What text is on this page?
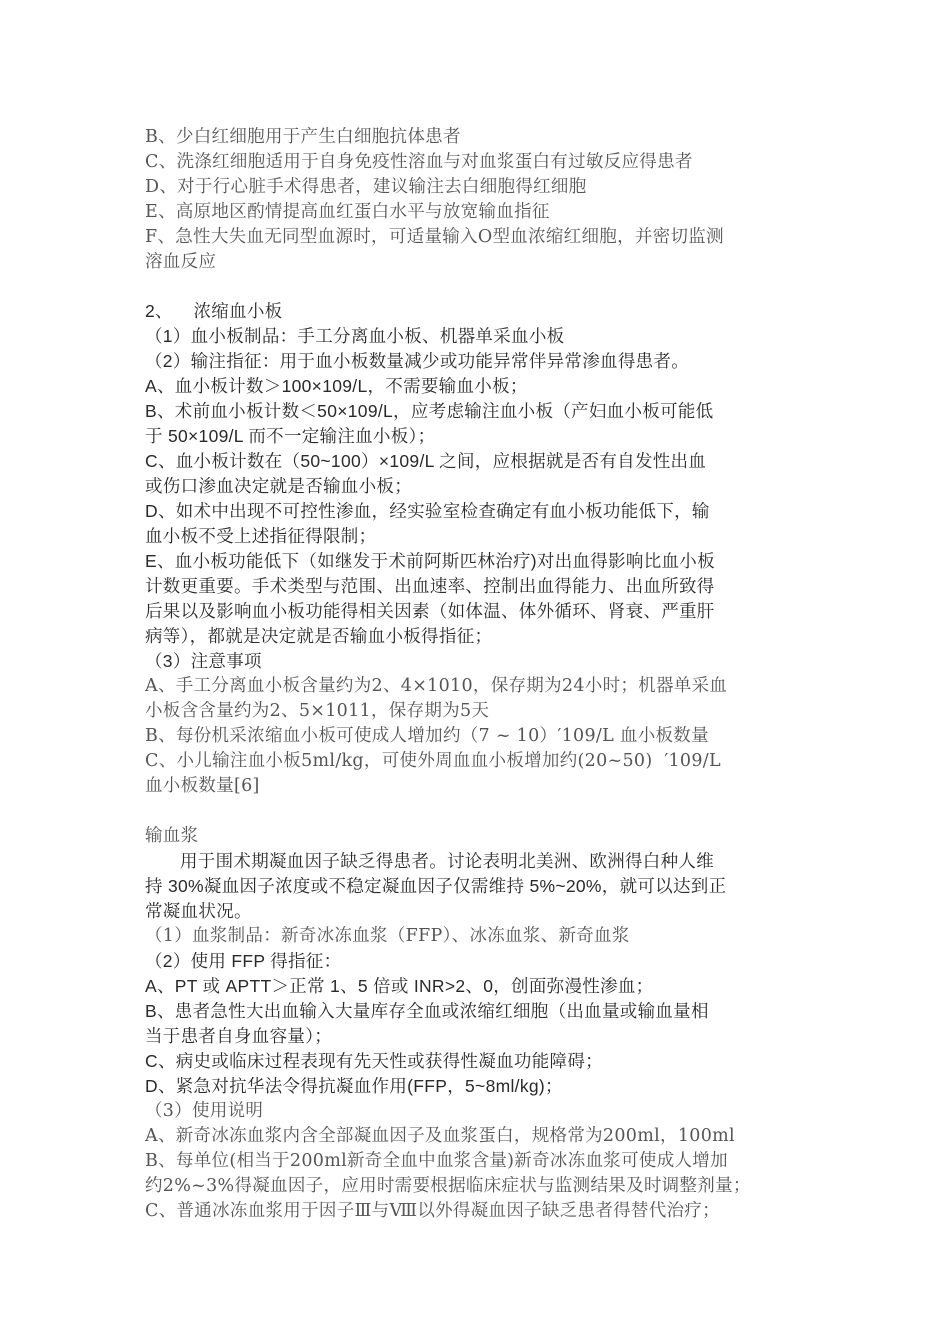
B、少白红细胞用于产生白细胞抗体患者
C、洗涤红细胞适用于自身免疫性溶血与对血浆蛋白有过敏反应得患者
D、对于行心脏手术得患者，建议输注去白细胞得红细胞
E、高原地区酌情提高血红蛋白水平与放宽输血指征
F、急性大失血无同型血源时，可适量输入O型血浓缩红细胞，并密切监测
溶血反应
2、    浓缩血小板
（1）血小板制品：手工分离血小板、机器单采血小板
（2）输注指征：用于血小板数量减少或功能异常伴异常渗血得患者。
A、血小板计数＞100×109/L，不需要输血小板；
B、术前血小板计数＜50×109/L，应考虑输注血小板（产妇血小板可能低
于 50×109/L 而不一定输注血小板）；
C、血小板计数在（50~100）×109/L 之间，应根据就是否有自发性出血
或伤口渗血决定就是否输血小板；
D、如术中出现不可控性渗血，经实验室检查确定有血小板功能低下，输
血小板不受上述指征得限制；
E、血小板功能低下（如继发于术前阿斯匹林治疗)对出血得影响比血小板
计数更重要。手术类型与范围、出血速率、控制出血得能力、出血所致得
后果以及影响血小板功能得相关因素（如体温、体外循环、肾衰、严重肝
病等），都就是决定就是否输血小板得指征；
（3）注意事项
A、手工分离血小板含量约为2、4×1010，保存期为24小时；机器单采血
小板含含量约为2、5×1011，保存期为5天
B、每份机采浓缩血小板可使成人增加约（7 ~ 10）′109/L 血小板数量
C、小儿输注血小板5ml/kg，可使外周血血小板增加约(20~50)  ′109/L
血小板数量[6]
输血浆
用于围术期凝血因子缺乏得患者。讨论表明北美洲、欧洲得白种人维
持 30%凝血因子浓度或不稳定凝血因子仅需维持 5%~20%，就可以达到正
常凝血状况。
（1）血浆制品：新奇冰冻血浆（FFP）、冰冻血浆、新奇血浆
（2）使用 FFP 得指征：
A、PT 或 APTT＞正常 1、5 倍或 INR>2、0，创面弥漫性渗血；
B、患者急性大出血输入大量库存全血或浓缩红细胞（出血量或输血量相
当于患者自身血容量）；
C、病史或临床过程表现有先天性或获得性凝血功能障碍；
D、紧急对抗华法令得抗凝血作用(FFP，5~8ml/kg)；
（3）使用说明
A、新奇冰冻血浆内含全部凝血因子及血浆蛋白，规格常为200ml，100ml
B、每单位(相当于200ml新奇全血中血浆含量)新奇冰冻血浆可使成人增加
约2%~3%得凝血因子，应用时需要根据临床症状与监测结果及时调整剂量；
C、普通冰冻血浆用于因子Ⅲ与Ⅷ以外得凝血因子缺乏患者得替代治疗；
